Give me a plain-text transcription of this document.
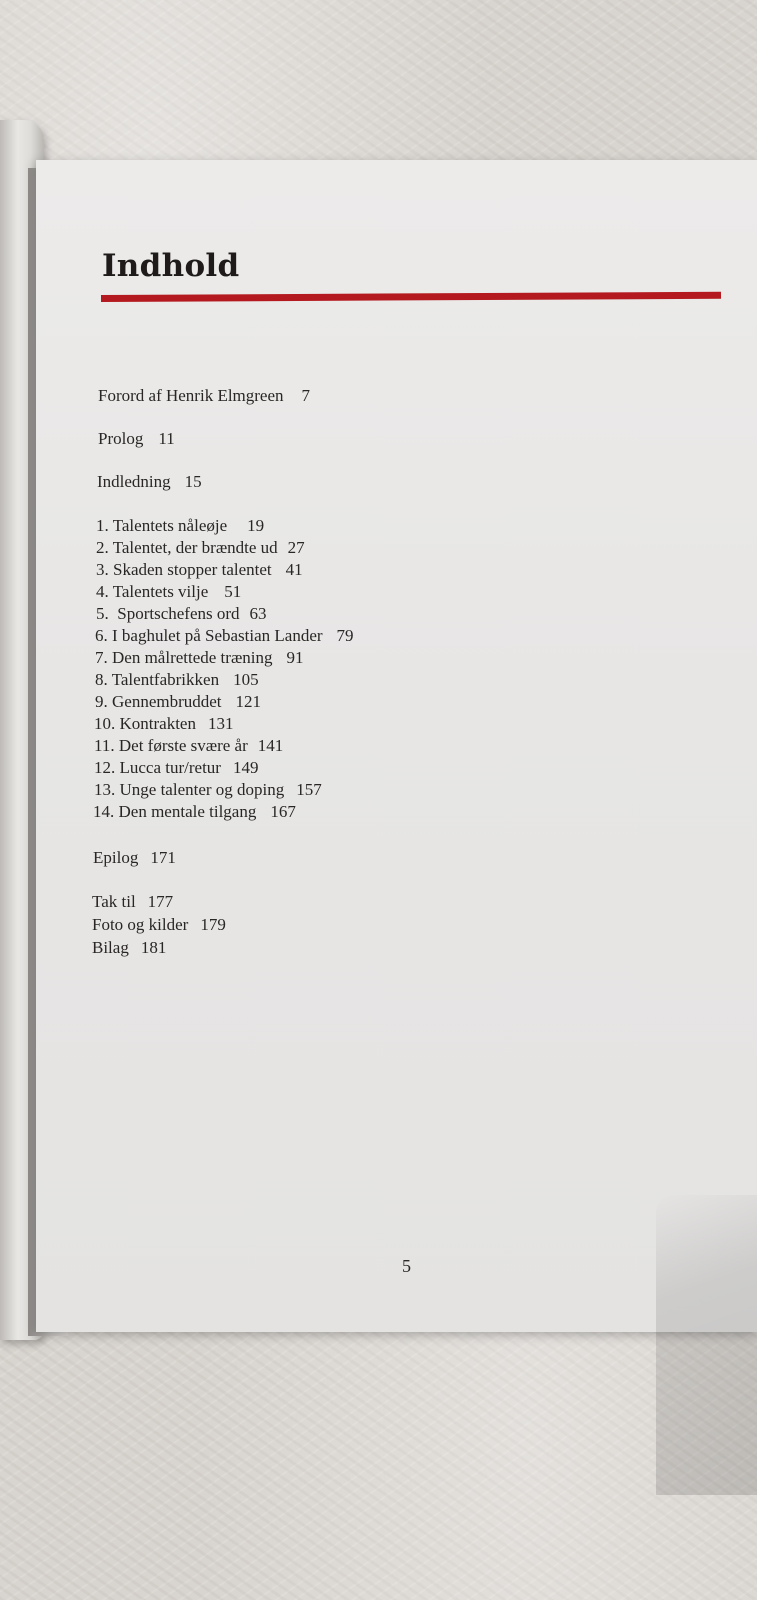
Indhold
Forord af Henrik Elmgreen 7
Prolog 11
Indledning 15
1. Talentets nåleøje 19
2. Talentet, der brændte ud 27
3. Skaden stopper talentet 41
4. Talentets vilje 51
5.  Sportschefens ord 63
6. I baghulet på Sebastian Lander 79
7. Den målrettede træning 91
8. Talentfabrikken 105
9. Gennembruddet 121
10. Kontrakten 131
11. Det første svære år 141
12. Lucca tur/retur 149
13. Unge talenter og doping 157
14. Den mentale tilgang 167
Epilog 171
Tak til 177
Foto og kilder 179
Bilag 181
5
